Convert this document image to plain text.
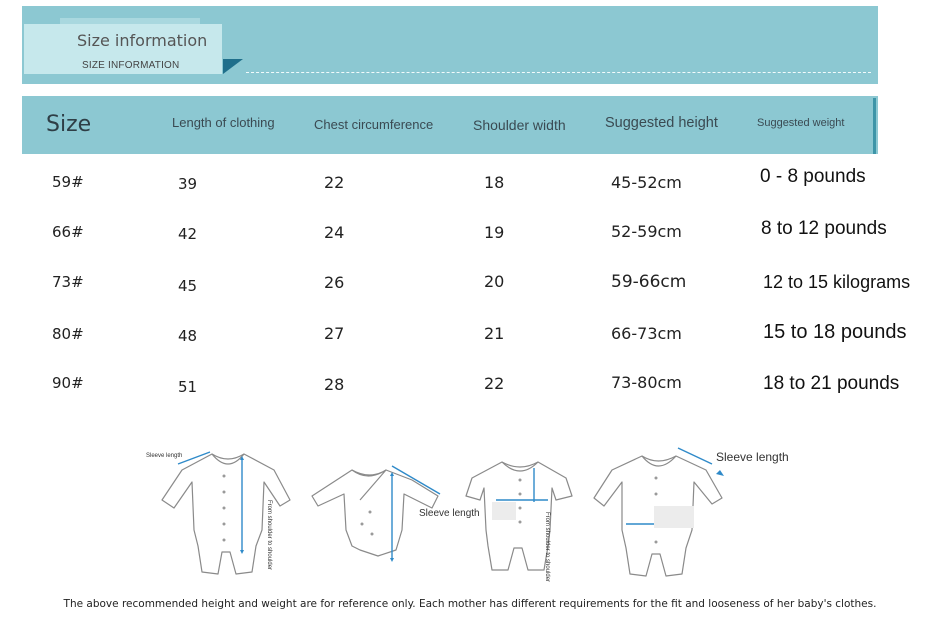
Size information
SIZE INFORMATION
Size	Length of clothing	Chest circumference	Shoulder width	Suggested height	Suggested weight
59#	39	22	18	45-52cm	0 - 8 pounds
66#	42	24	19	52-59cm	8 to 12 pounds
73#	45	26	20	59-66cm	12 to 15 kilograms
80#	48	27	21	66-73cm	15 to 18 pounds
90#	51	28	22	73-80cm	18 to 21 pounds
Sleeve length
From shoulder to shoulder	Sleeve length	From shoulder to shoulder
Sleeve length
The above recommended height and weight are for reference only. Each mother has different requirements for the fit and looseness of her baby's clothes.
